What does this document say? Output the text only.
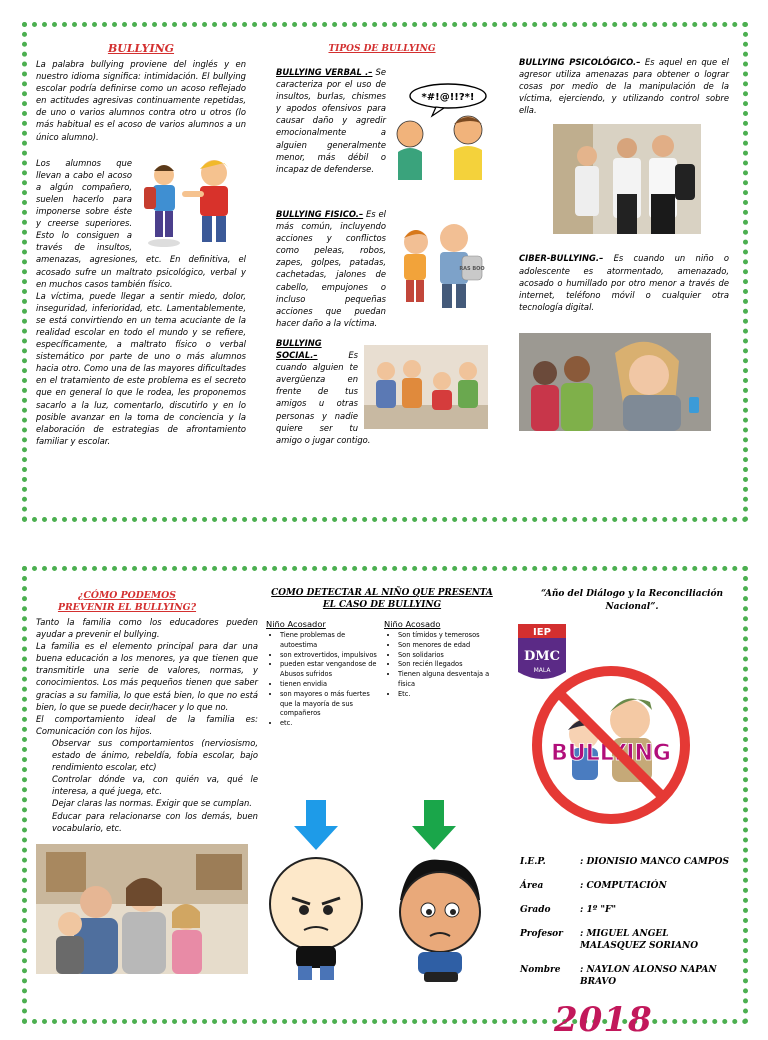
BULLYING
La palabra bullying proviene del inglés y en nuestro idioma significa: intimidación. El bullying escolar podría definirse como un acoso reflejado en actitudes agresivas continuamente repetidas, de uno o varios alumnos contra otro u otros (lo más habitual es el acoso de varios alumnos a un único alumno).
Los alumnos que llevan a cabo el acoso a algún compañero, suelen hacerlo para imponerse sobre éste y creerse superiores. Esto lo consiguen a través de insultos, amenazas, agresiones, etc. En definitiva, el acosado sufre un maltrato psicológico, verbal y en muchos casos también físico.
La víctima, puede llegar a sentir miedo, dolor, inseguridad, inferioridad, etc. Lamentablemente, se está convirtiendo en un tema acuciante de la realidad escolar en todo el mundo y se refiere, específicamente, a maltrato físico o verbal sistemático por parte de uno o más alumnos hacia otro. Como una de las mayores dificultades en el tratamiento de este problema es el secreto que en general lo que le rodea, les proponemos sacarlo a la luz, comentarlo, discutirlo y en lo posible avanzar en la toma de conciencia y la elaboración de estrategias de afrontamiento familiar y escolar.
TIPOS DE BULLYING
*#!@!!?*!
BULLYING VERBAL .– Se caracteriza por el uso de insultos, burlas, chismes y apodos ofensivos para causar daño y agredir emocionalmente a alguien generalmente menor, más débil o incapaz de defenderse.
RAS BOO
BULLYING FISICO.– Es el más común, incluyendo acciones y conflictos como peleas, robos, zapes, golpes, patadas, cachetadas, jalones de cabello, empujones o incluso pequeñas acciones que puedan hacer daño a la víctima.
BULLYING SOCIAL.–	Es cuando alguien te avergüenza en frente de tus amigos u otras personas y nadie quiere ser tu amigo o jugar contigo.
BULLYING PSICOLÓGICO.– Es aquel en que el agresor utiliza amenazas para obtener o lograr cosas por medio de la manipulación de la víctima, ejerciendo, y utilizando control sobre ella.
CIBER-BULLYING.– Es cuando un niño o adolescente es atormentado, amenazado, acosado o humillado por otro menor a través de internet, teléfono móvil o cualquier otra tecnología digital.
¿CÓMO PODEMOS PREVENIR EL BULLYING?
Tanto la familia como los educadores pueden ayudar a prevenir el bullying.
La familia es el elemento principal para dar una buena educación a los menores, ya que tienen que transmitirle una serie de valores, normas, y conocimientos. Los más pequeños tienen que saber gracias a su familia, lo que está bien, lo que no está bien, lo que se puede decir/hacer y lo que no.
El comportamiento ideal de la familia es: Comunicación con los hijos.
Observar sus comportamientos (nerviosismo, estado de ánimo, rebeldía, fobia escolar, bajo rendimiento escolar, etc)
Controlar dónde va, con quién va, qué le interesa, a qué juega, etc.
Dejar claras las normas. Exigir que se cumplan.
Educar para relacionarse con los demás, buen vocabulario, etc.
COMO DETECTAR AL NIÑO QUE PRESENTA EL CASO DE BULLYING
Niño Acosador
• Tiene problemas de autoestima
• son extrovertidos, impulsivos
• pueden estar vengandose de Abusos sufridos
• tienen envidia
• son mayores o más fuertes que la mayoría de sus compañeros
• etc.
Niño Acosado
• Son tímidos y temerosos
• Son menores de edad
• Son solidarios
• Son recién llegados
• Tienen alguna desventaja a física
• Etc.
“Año del Diálogo y la Reconciliación Nacional”.
IEP
DMC
MALA
BULLYING
I.E.P.	: DIONISIO MANCO CAMPOS
Área	: COMPUTACIÓN
Grado	: 1º "F"
Profesor	: MIGUEL ANGEL MALASQUEZ SORIANO
Nombre	: NAYLON ALONSO NAPAN BRAVO
2018
